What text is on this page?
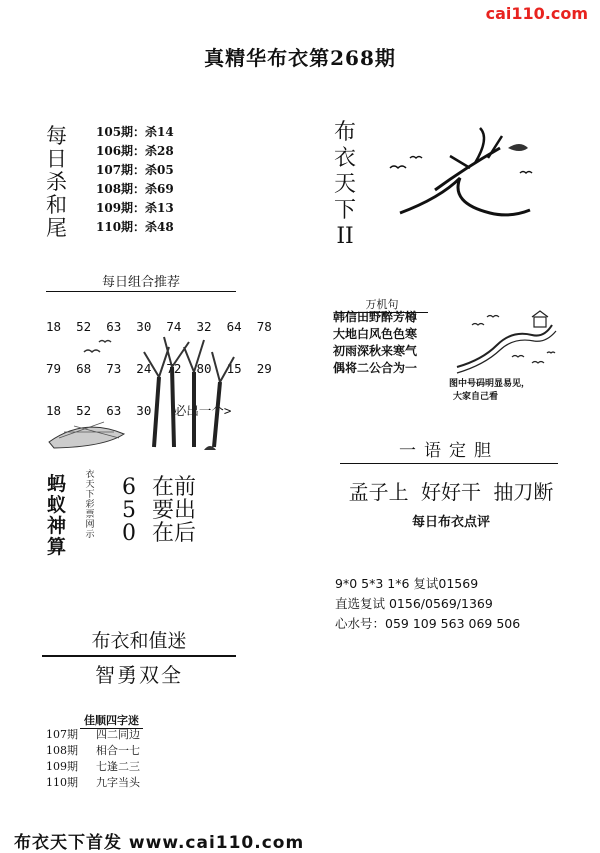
cai110.com
真精华布衣第268期
每
日
杀
和
尾
105期：杀14
106期：杀28
107期：杀05
108期：杀69
109期：杀13
110期：杀48
布
衣
天
下
II
每日组合推荐

18  52  63  30  74  32  64  78

79  68  73  24  72  80  15  29

18  52  63  30   必出一个>

蚂
蚁
神
算
衣
天
下
彩
票
网
示
6 在前
5 要出
0 在后
万机句
韩信田野醉芳樽
大地白风色色寒
初雨深秋来寒气
偶将二公合为一
图中号码明显易见，
大家自己看
一语定胆
孟子上 好好干 抽刀断
每日布衣点评
9*0 5*3 1*6 复试01569
直选复试 0156/0569/1369
心水号：059 109 563 069 506
布衣和值迷
智勇双全
佳顺四字迷
107期 四二同边
108期 相合一七
109期 七逢二三
110期 九字当头
布衣天下首发 www.cai110.com
